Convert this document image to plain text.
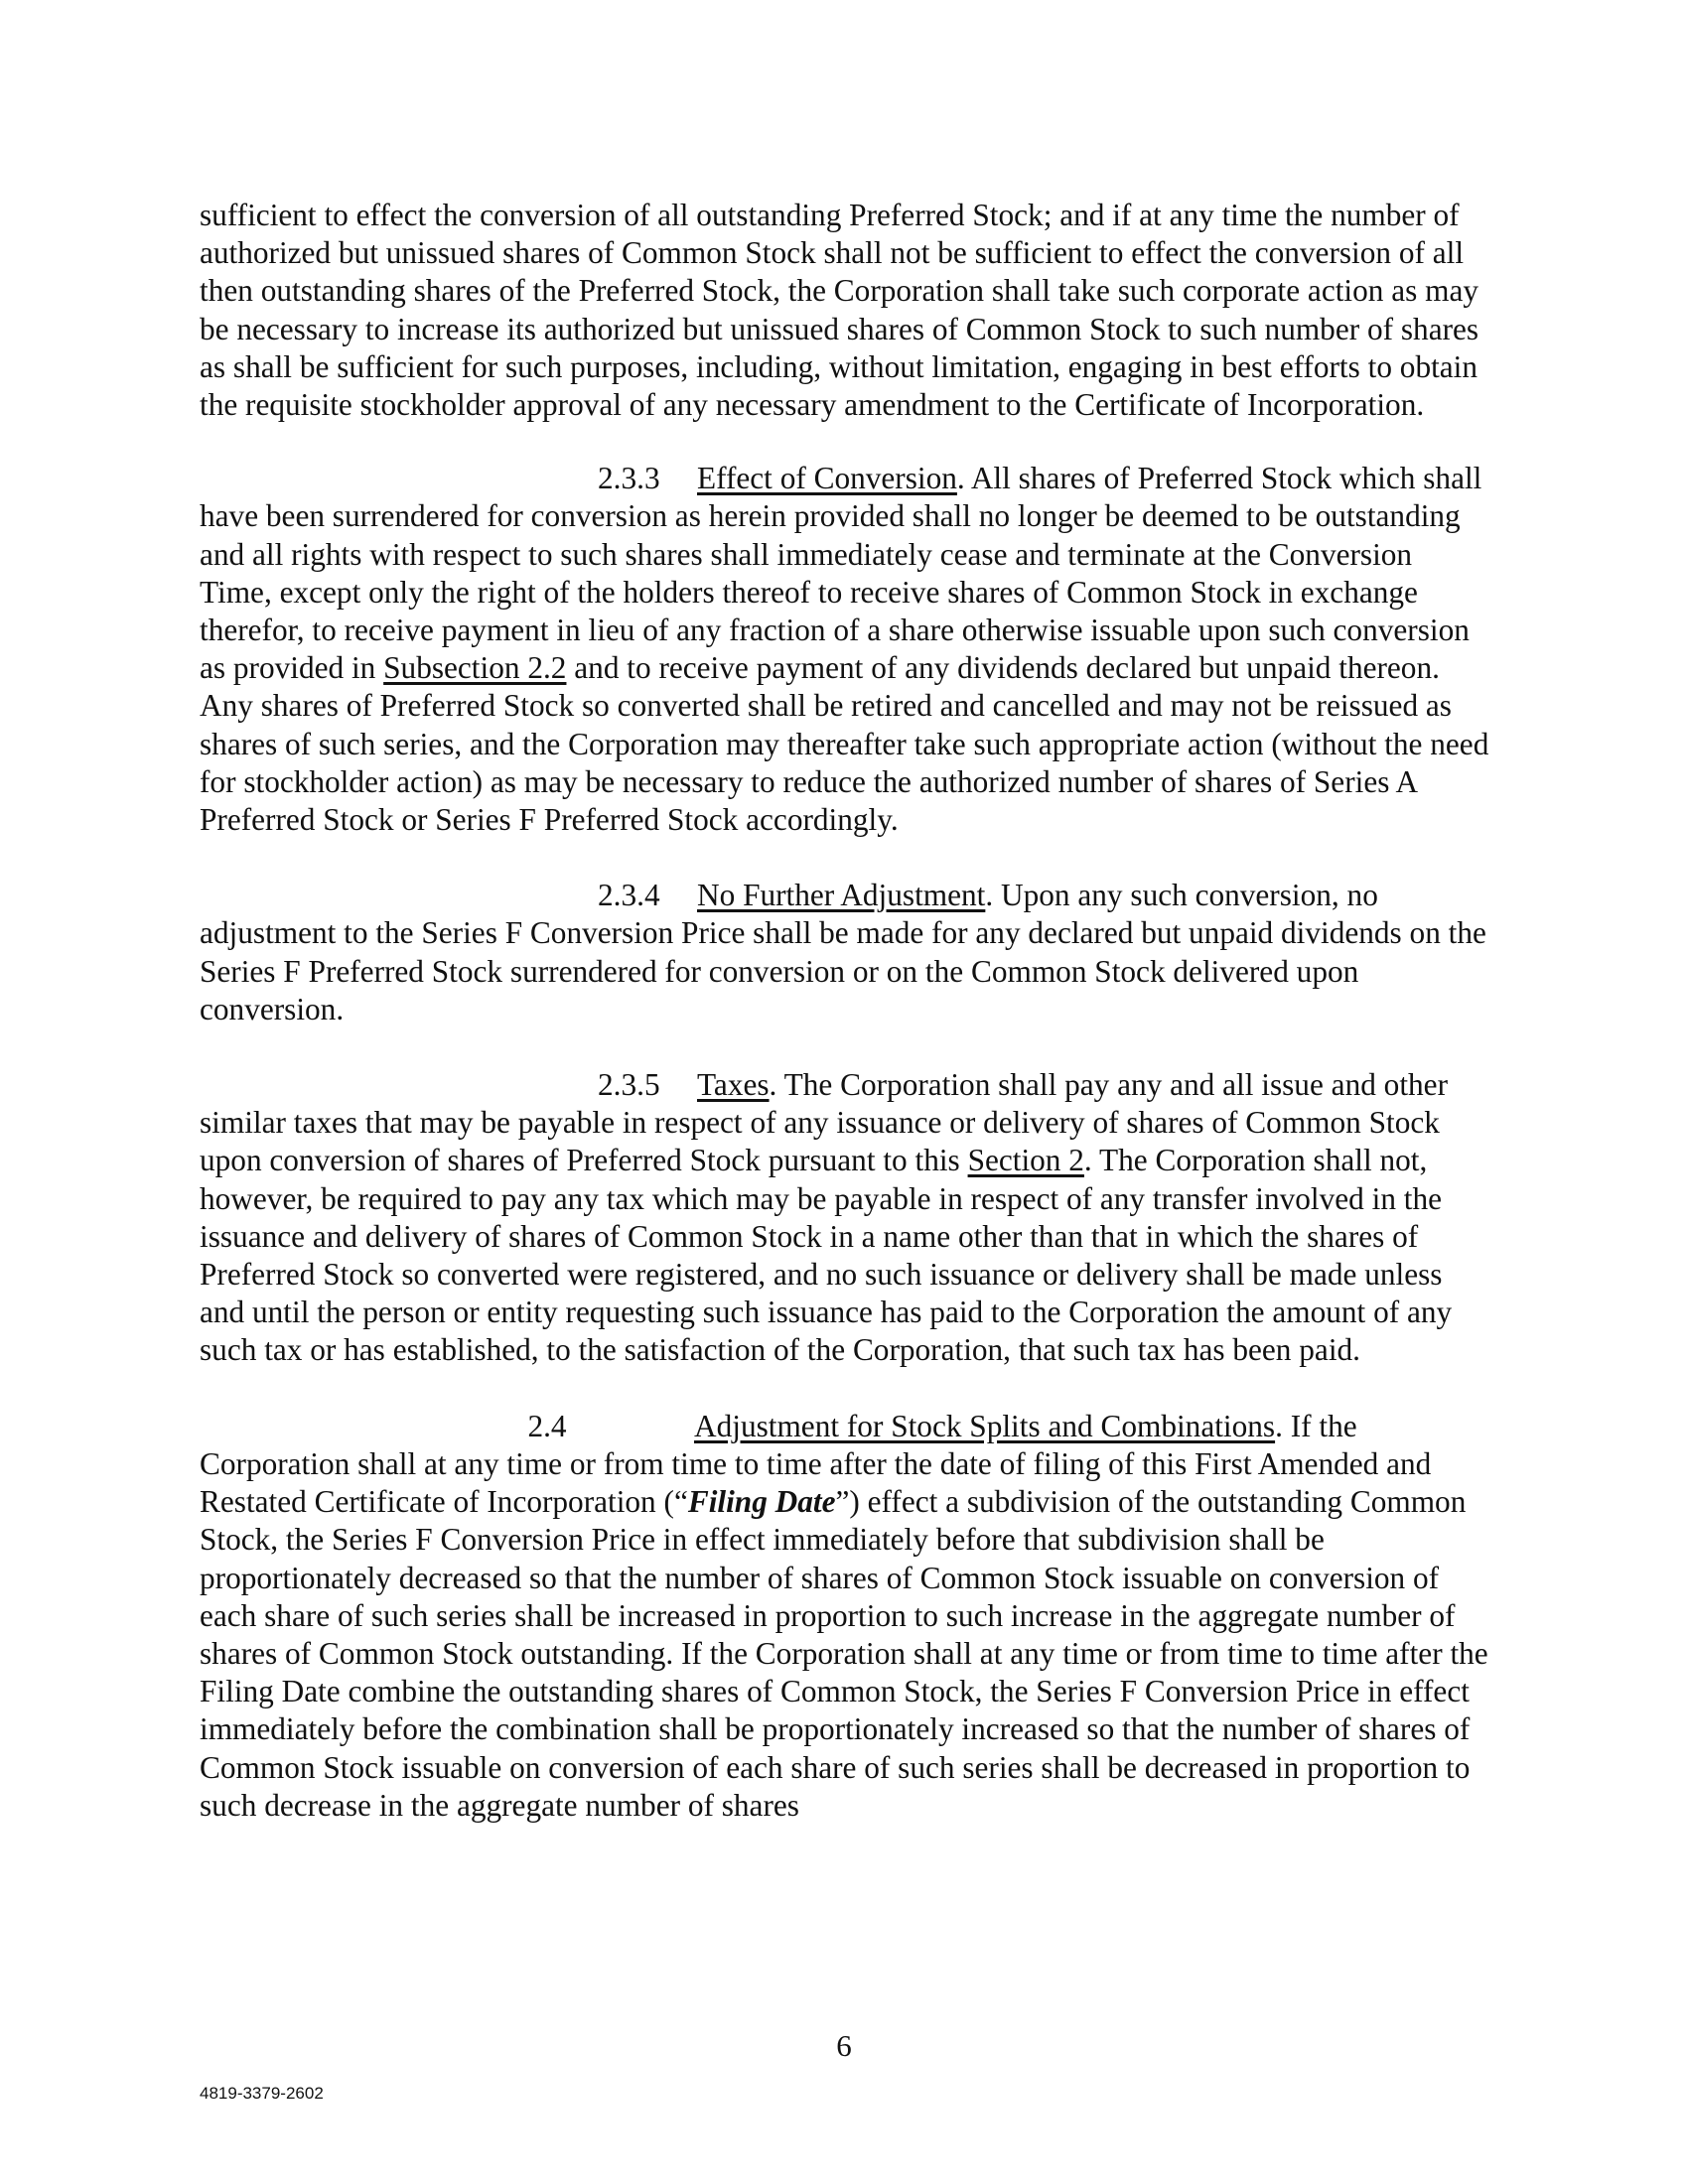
sufficient to effect the conversion of all outstanding Preferred Stock; and if at any time the number of authorized but unissued shares of Common Stock shall not be sufficient to effect the conversion of all then outstanding shares of the Preferred Stock, the Corporation shall take such corporate action as may be necessary to increase its authorized but unissued shares of Common Stock to such number of shares as shall be sufficient for such purposes, including, without limitation, engaging in best efforts to obtain the requisite stockholder approval of any necessary amendment to the Certificate of Incorporation.

2.3.3 Effect of Conversion. All shares of Preferred Stock which shall have been surrendered for conversion as herein provided shall no longer be deemed to be outstanding and all rights with respect to such shares shall immediately cease and terminate at the Conversion Time, except only the right of the holders thereof to receive shares of Common Stock in exchange therefor, to receive payment in lieu of any fraction of a share otherwise issuable upon such conversion as provided in Subsection 2.2 and to receive payment of any dividends declared but unpaid thereon. Any shares of Preferred Stock so converted shall be retired and cancelled and may not be reissued as shares of such series, and the Corporation may thereafter take such appropriate action (without the need for stockholder action) as may be necessary to reduce the authorized number of shares of Series A Preferred Stock or Series F Preferred Stock accordingly.

2.3.4 No Further Adjustment. Upon any such conversion, no adjustment to the Series F Conversion Price shall be made for any declared but unpaid dividends on the Series F Preferred Stock surrendered for conversion or on the Common Stock delivered upon conversion.

2.3.5 Taxes. The Corporation shall pay any and all issue and other similar taxes that may be payable in respect of any issuance or delivery of shares of Common Stock upon conversion of shares of Preferred Stock pursuant to this Section 2. The Corporation shall not, however, be required to pay any tax which may be payable in respect of any transfer involved in the issuance and delivery of shares of Common Stock in a name other than that in which the shares of Preferred Stock so converted were registered, and no such issuance or delivery shall be made unless and until the person or entity requesting such issuance has paid to the Corporation the amount of any such tax or has established, to the satisfaction of the Corporation, that such tax has been paid.

2.4	Adjustment for Stock Splits and Combinations. If the Corporation shall at any time or from time to time after the date of filing of this First Amended and Restated Certificate of Incorporation (“Filing Date”) effect a subdivision of the outstanding Common Stock, the Series F Conversion Price in effect immediately before that subdivision shall be proportionately decreased so that the number of shares of Common Stock issuable on conversion of each share of such series shall be increased in proportion to such increase in the aggregate number of shares of Common Stock outstanding. If the Corporation shall at any time or from time to time after the Filing Date combine the outstanding shares of Common Stock, the Series F Conversion Price in effect immediately before the combination shall be proportionately increased so that the number of shares of Common Stock issuable on conversion of each share of such series shall be decreased in proportion to such decrease in the aggregate number of shares

6
4819-3379-2602
